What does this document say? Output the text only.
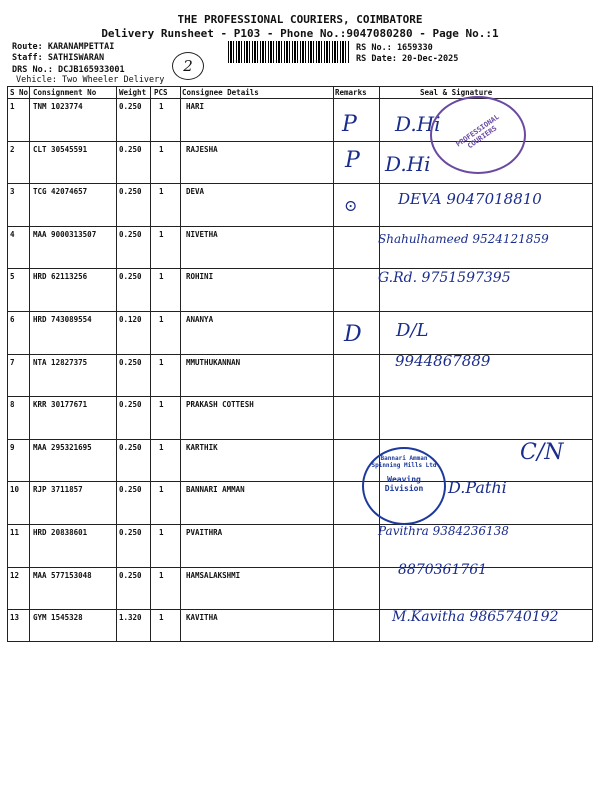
THE PROFESSIONAL COURIERS, COIMBATORE
Delivery Runsheet - P103 - Phone No.:9047080280 - Page No.:1
Route: KARANAMPETTAI
Staff: SATHISWARAN
DRS No.: DCJB165933001
Vehicle: Two Wheeler Delivery
2
RS No.: 1659330
RS Date: 20-Dec-2025
S No Consignment No	Weight PCS Consignee Details	Remarks	Seal & Signature
1 TNM 1023774	0.250 1	HARI
2 CLT 30545591	0.250 1	RAJESHA
3 TCG 42074657	0.250 1	DEVA
4 MAA 9000313507	0.250 1	NIVETHA
5 HRD 62113256	0.250 1	ROHINI
6 HRD 743089554	0.120 1	ANANYA
7 NTA 12827375	0.250 1	MMUTHUKANNAN
8 KRR 30177671	0.250 1	PRAKASH COTTESH
9 MAA 295321695	0.250 1	KARTHIK
10 RJP 3711857	0.250 1	BANNARI AMMAN
11 HRD 20838601	0.250 1	PVAITHRA
12 MAA 577153048	0.250 1	HAMSALAKSHMI
13 GYM 1545328	1.320 1	KAVITHA
D.Hi
P
D.Hi
P
DEVA 9047018810
⊙
Shahulhameed 9524121859
G.Rd. 9751597395
D/L
D
9944867889
C/N
D.Pathi
Pavithra 9384236138
8870361761
M.Kavitha 9865740192
PROFESSIONAL COURIERS
Bannari Amman Spinning Mills Ltd
Weaving Division
